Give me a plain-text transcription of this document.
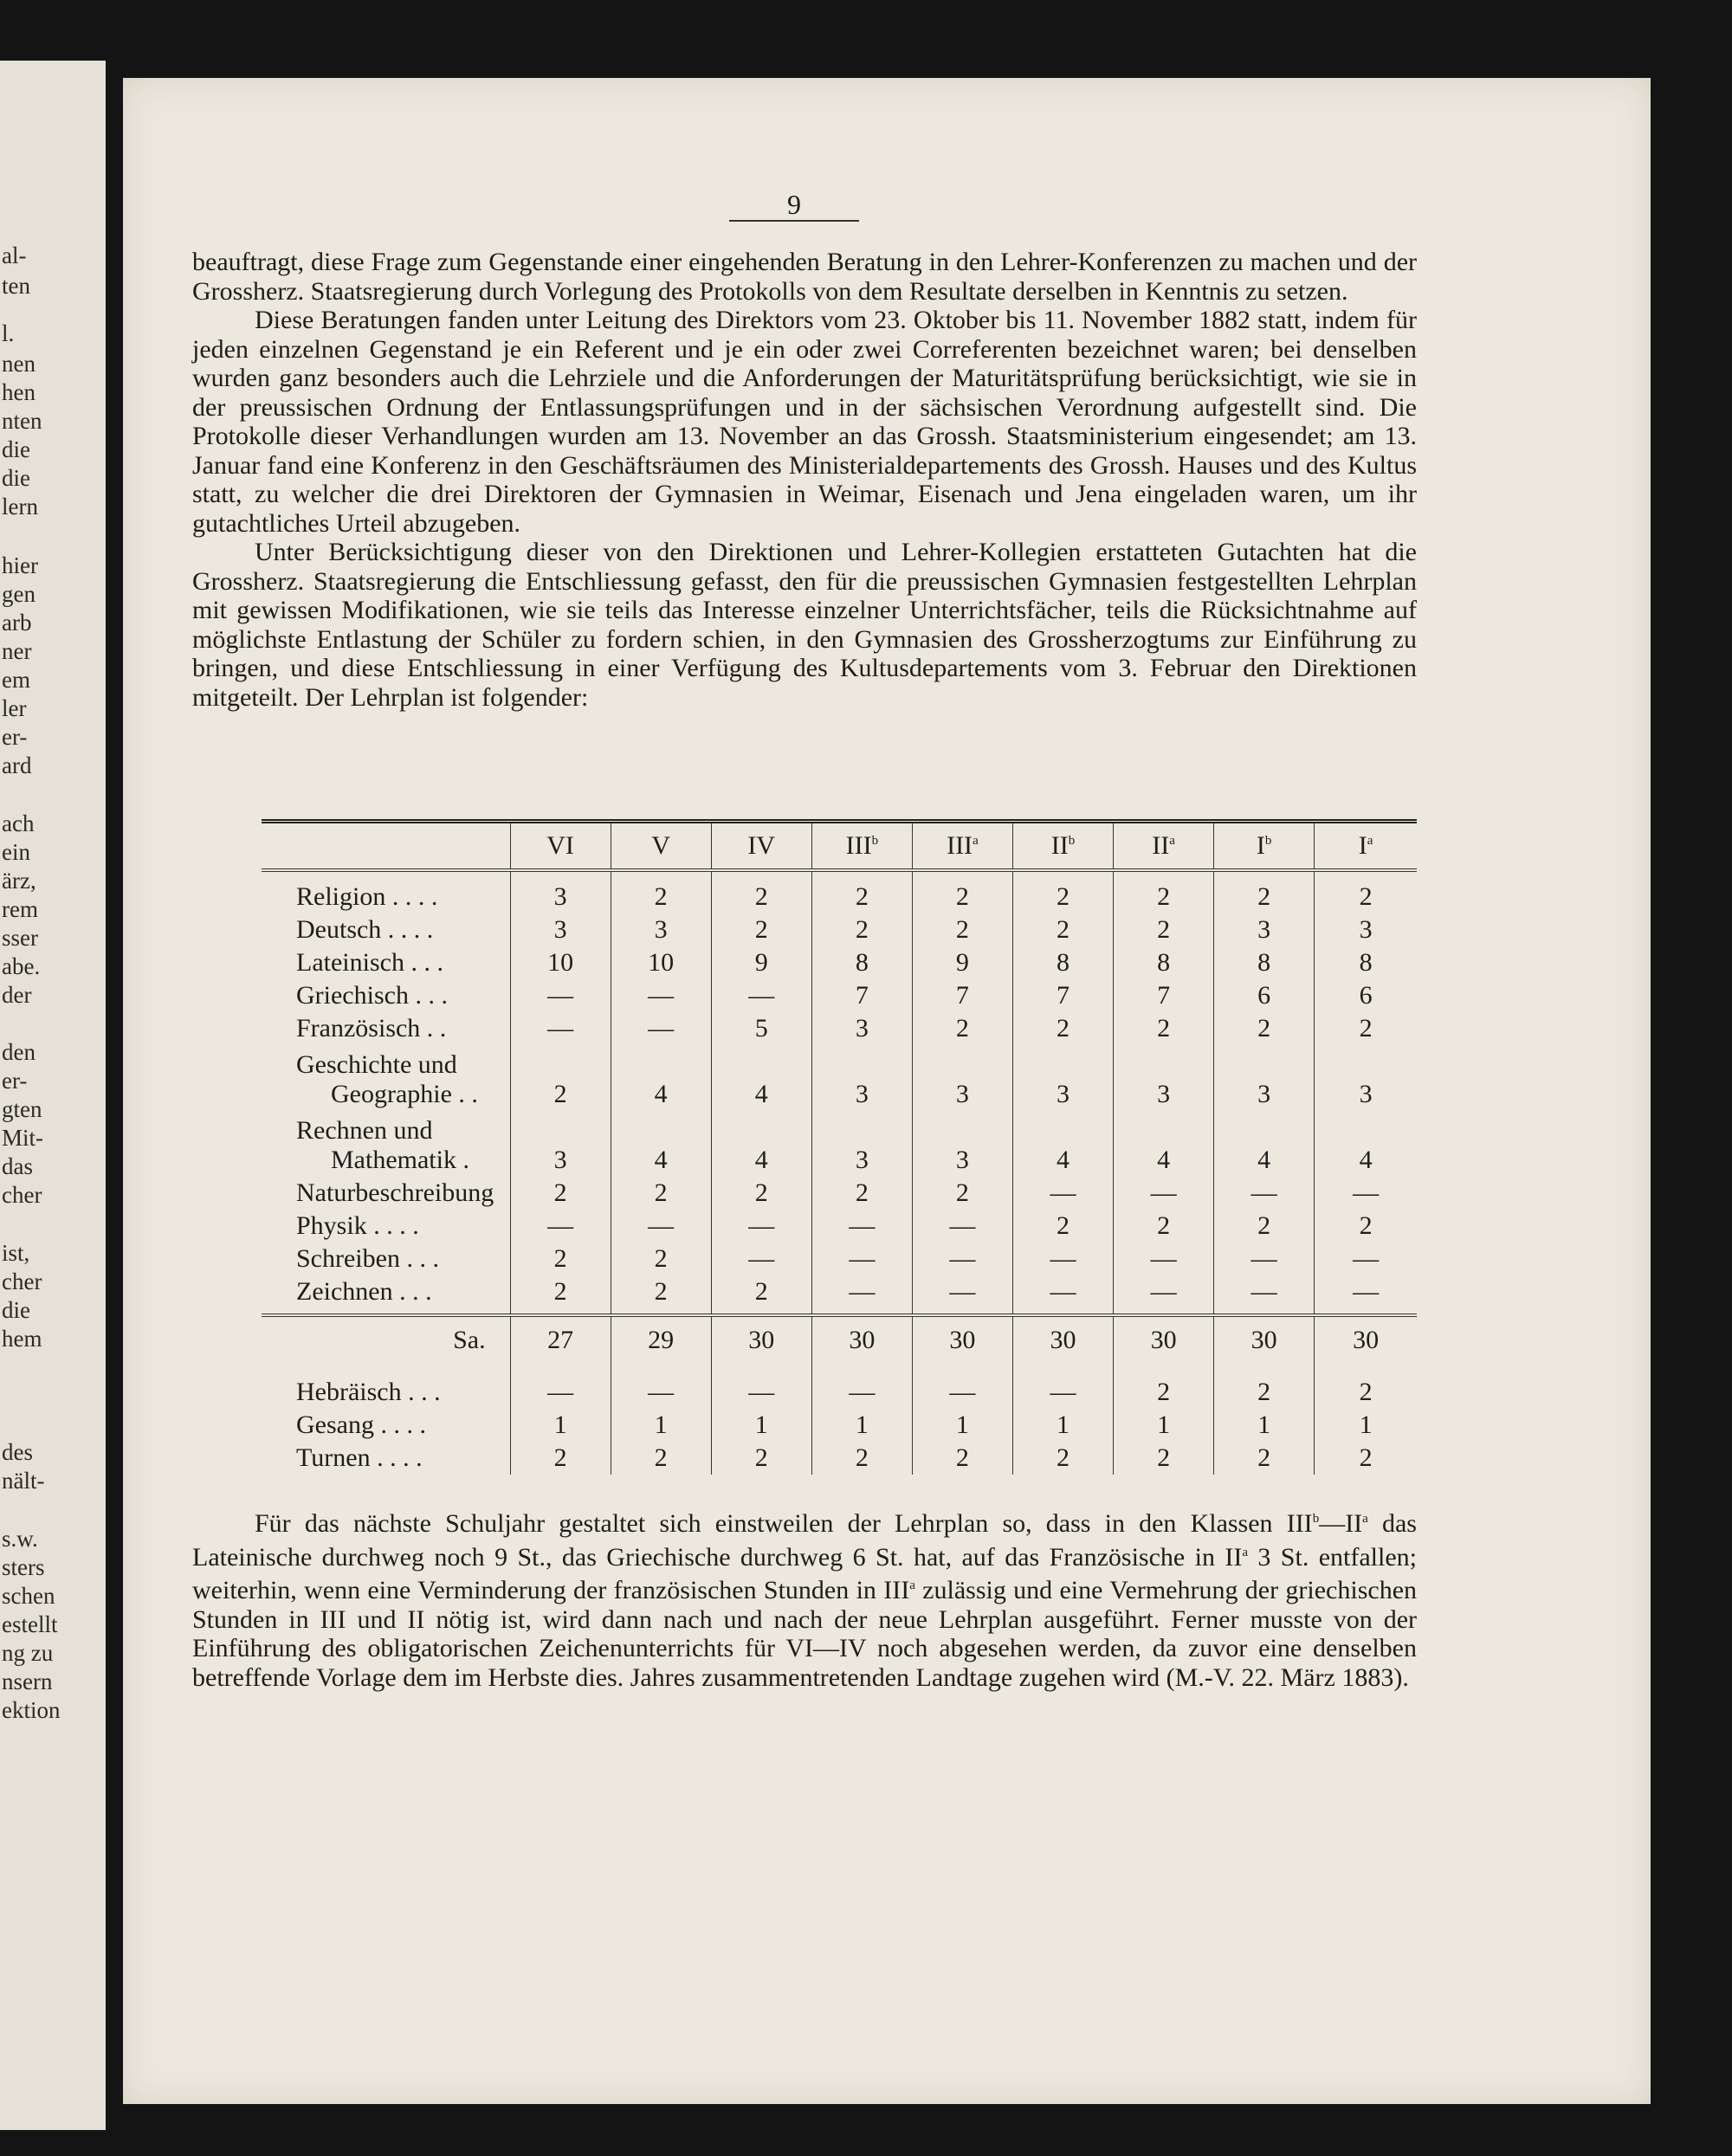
al-
ten
l.
nen
hen
nten
die
die
lern
hier
gen
arb
ner
em
ler
er-
ard
ach
ein
ärz,
rem
sser
abe.
der
den
er-
gten
Mit-
das
cher
ist,
cher
die
hem
des
nält-
s.w.
sters
schen
estellt
ng zu
nsern
ektion
9

beauftragt, diese Frage zum Gegenstande einer eingehenden Beratung in den Lehrer-Konferenzen zu machen und der Grossherz. Staatsregierung durch Vorlegung des Protokolls von dem Resultate derselben in Kenntnis zu setzen.

Diese Beratungen fanden unter Leitung des Direktors vom 23. Oktober bis 11. November 1882 statt, indem für jeden einzelnen Gegenstand je ein Referent und je ein oder zwei Correferenten bezeichnet waren; bei denselben wurden ganz besonders auch die Lehrziele und die Anforderungen der Maturitätsprüfung berücksichtigt, wie sie in der preussischen Ordnung der Entlassungsprüfungen und in der sächsischen Verordnung aufgestellt sind. Die Protokolle dieser Verhandlungen wurden am 13. November an das Grossh. Staatsministerium eingesendet; am 13. Januar fand eine Konferenz in den Geschäftsräumen des Ministerialdepartements des Grossh. Hauses und des Kultus statt, zu welcher die drei Direktoren der Gymnasien in Weimar, Eisenach und Jena eingeladen waren, um ihr gutachtliches Urteil abzugeben.

Unter Berücksichtigung dieser von den Direktionen und Lehrer-Kollegien erstatteten Gutachten hat die Grossherz. Staatsregierung die Entschliessung gefasst, den für die preussischen Gymnasien festgestellten Lehrplan mit gewissen Modifikationen, wie sie teils das Interesse einzelner Unterrichtsfächer, teils die Rücksichtnahme auf möglichste Entlastung der Schüler zu fordern schien, in den Gymnasien des Grossherzogtums zur Einführung zu bringen, und diese Entschliessung in einer Verfügung des Kultusdepartements vom 3. Februar den Direktionen mitgeteilt. Der Lehrplan ist folgender:

	VI	V	IV	III$^b$	III$^a$	$II^b$	$II^a$	$I^b$	$I^a$
Religion . . . .	3	2	2	2	2	2	2	2	2
Deutsch . . . .	3	3	2	2	2	2	2	3	3
Lateinisch . . .	10	10	9	8	9	8	8	8	8
Griechisch . . .	—	—	—	7	7	7	7	6	6
Französisch . .	—	—	5	3	2	2	2	2	2
Geschichte und
Geographie . .	2	4	4	3	3	3	3	3	3
Rechnen und
Mathematik .	3	4	4	3	3	4	4	4	4
Naturbeschreibung	2	2	2	2	2	—	—	—	—
Physik . . . .	—	—	—	—	—	2	2	2	2
Schreiben . . .	2	2	—	—	—	—	—	—	—
Zeichnen . . .	2	2	2	—	—	—	—	—	—
Sa.	27	29	30	30	30	30	30	30	30

Hebräisch . . .	—	—	—	—	—	—	2	2	2
Gesang . . . .	1	1	1	1	1	1	1	1	1
Turnen . . . .	2	2	2	2	2	2	2	2	2

Für das nächste Schuljahr gestaltet sich einstweilen der Lehrplan so, dass in den Klassen $III^b—II^a$ das Lateinische durchweg noch 9 St., das Griechische durchweg 6 St. hat, auf das Französische in $II^a$ 3 St. entfallen; weiterhin, wenn eine Verminderung der französischen Stunden in III$^a$ zulässig und eine Vermehrung der griechischen Stunden in III und II nötig ist, wird dann nach und nach der neue Lehrplan ausgeführt. Ferner musste von der Einführung des obligatorischen Zeichenunterrichts für VI—IV noch abgesehen werden, da zuvor eine denselben betreffende Vorlage dem im Herbste dies. Jahres zusammentretenden Landtage zugehen wird (M.-V. 22. März 1883).
